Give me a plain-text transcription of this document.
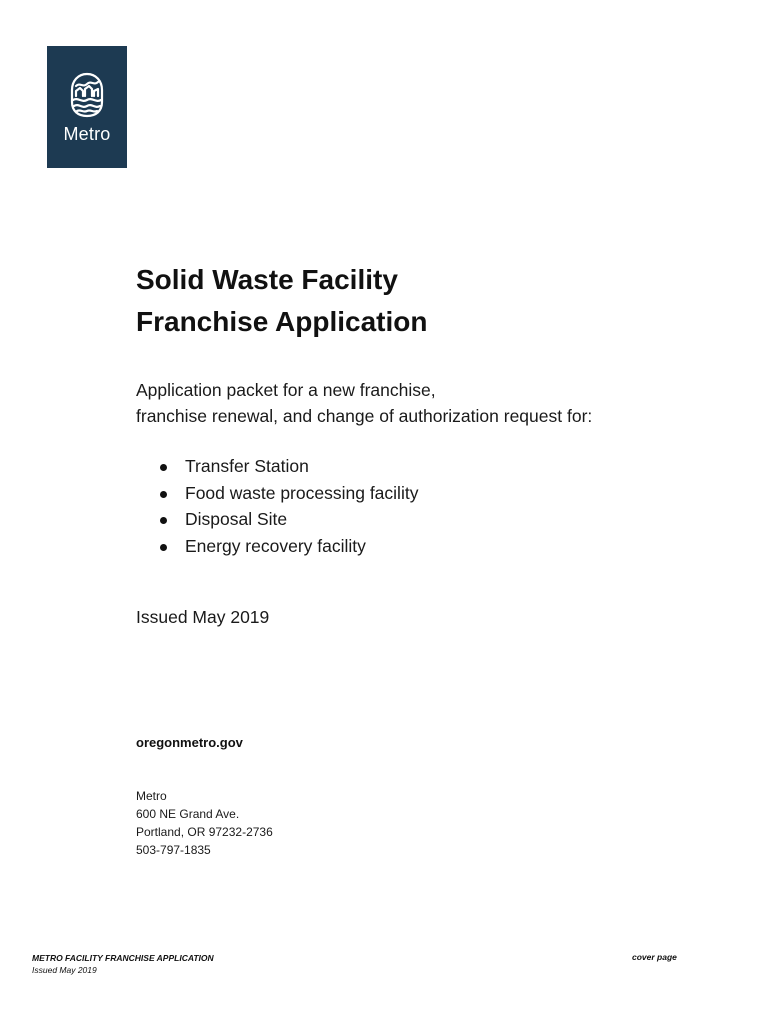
Metro
Solid Waste Facility
Franchise Application

Application packet for a new franchise,
franchise renewal, and change of authorization request for:

Transfer Station
Food waste processing facility
Disposal Site
Energy recovery facility
Issued May 2019
oregonmetro.gov
Metro
600 NE Grand Ave.
Portland, OR 97232-2736
503-797-1835
METRO FACILITY FRANCHISE APPLICATION
Issued May 2019
cover page
